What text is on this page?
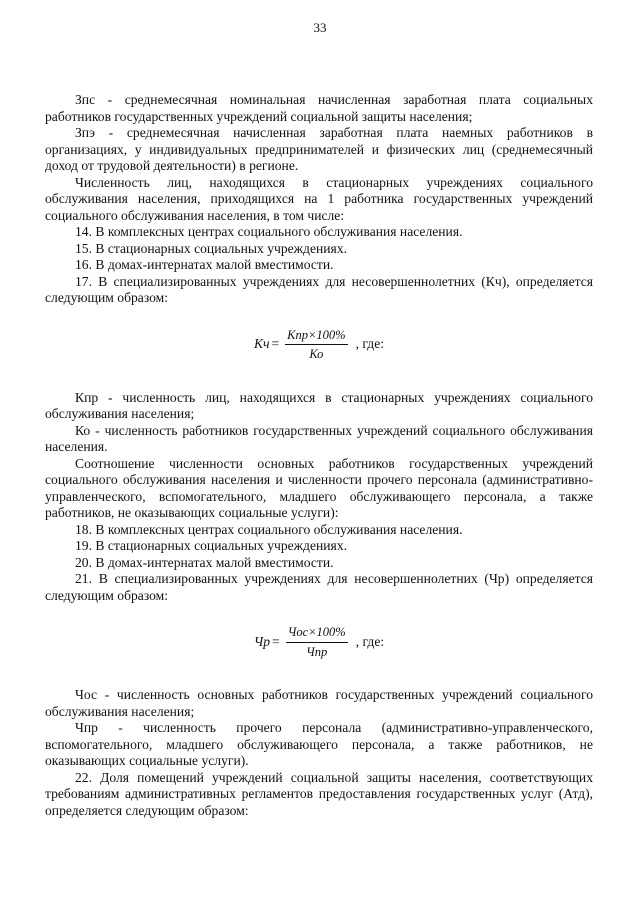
33

Зпс - среднемесячная номинальная начисленная заработная плата социальных работников государственных учреждений социальной защиты населения;

Зпэ - среднемесячная начисленная заработная плата наемных работников в организациях, у индивидуальных предпринимателей и физических лиц (среднемесячный доход от трудовой деятельности) в регионе.

Численность лиц, находящихся в стационарных учреждениях социального обслуживания населения, приходящихся на 1 работника государственных учреждений социального обслуживания населения, в том числе:

14. В комплексных центрах социального обслуживания населения.

15. В стационарных социальных учреждениях.

16. В домах-интернатах малой вместимости.

17. В специализированных учреждениях для несовершеннолетних (Кч), определяется следующим образом:

Кч = $\frac{\text{Кпр×100\%}}{Ко}$ , где:

Кпр - численность лиц, находящихся в стационарных учреждениях социального обслуживания населения;

Ко - численность работников государственных учреждений социального обслуживания населения.

Соотношение численности основных работников государственных учреждений социального обслуживания населения и численности прочего персонала (административно-управленческого, вспомогательного, младшего обслуживающего персонала, а также работников, не оказывающих социальные услуги):

18. В комплексных центрах социального обслуживания населения.

19. В стационарных социальных учреждениях.

20. В домах-интернатах малой вместимости.

21. В специализированных учреждениях для несовершеннолетних (Чр) определяется следующим образом:

Чр = $\frac{\text{Чос×100\%}}{\text{Чпр}}$ , где:

Чос - численность основных работников государственных учреждений социального обслуживания населения;

Чпр - численность прочего персонала (административно-управленческого, вспомогательного, младшего обслуживающего персонала, а также работников, не оказывающих социальные услуги).

22. Доля помещений учреждений социальной защиты населения, соответствующих требованиям административных регламентов предоставления государственных услуг (Атд), определяется следующим образом:
